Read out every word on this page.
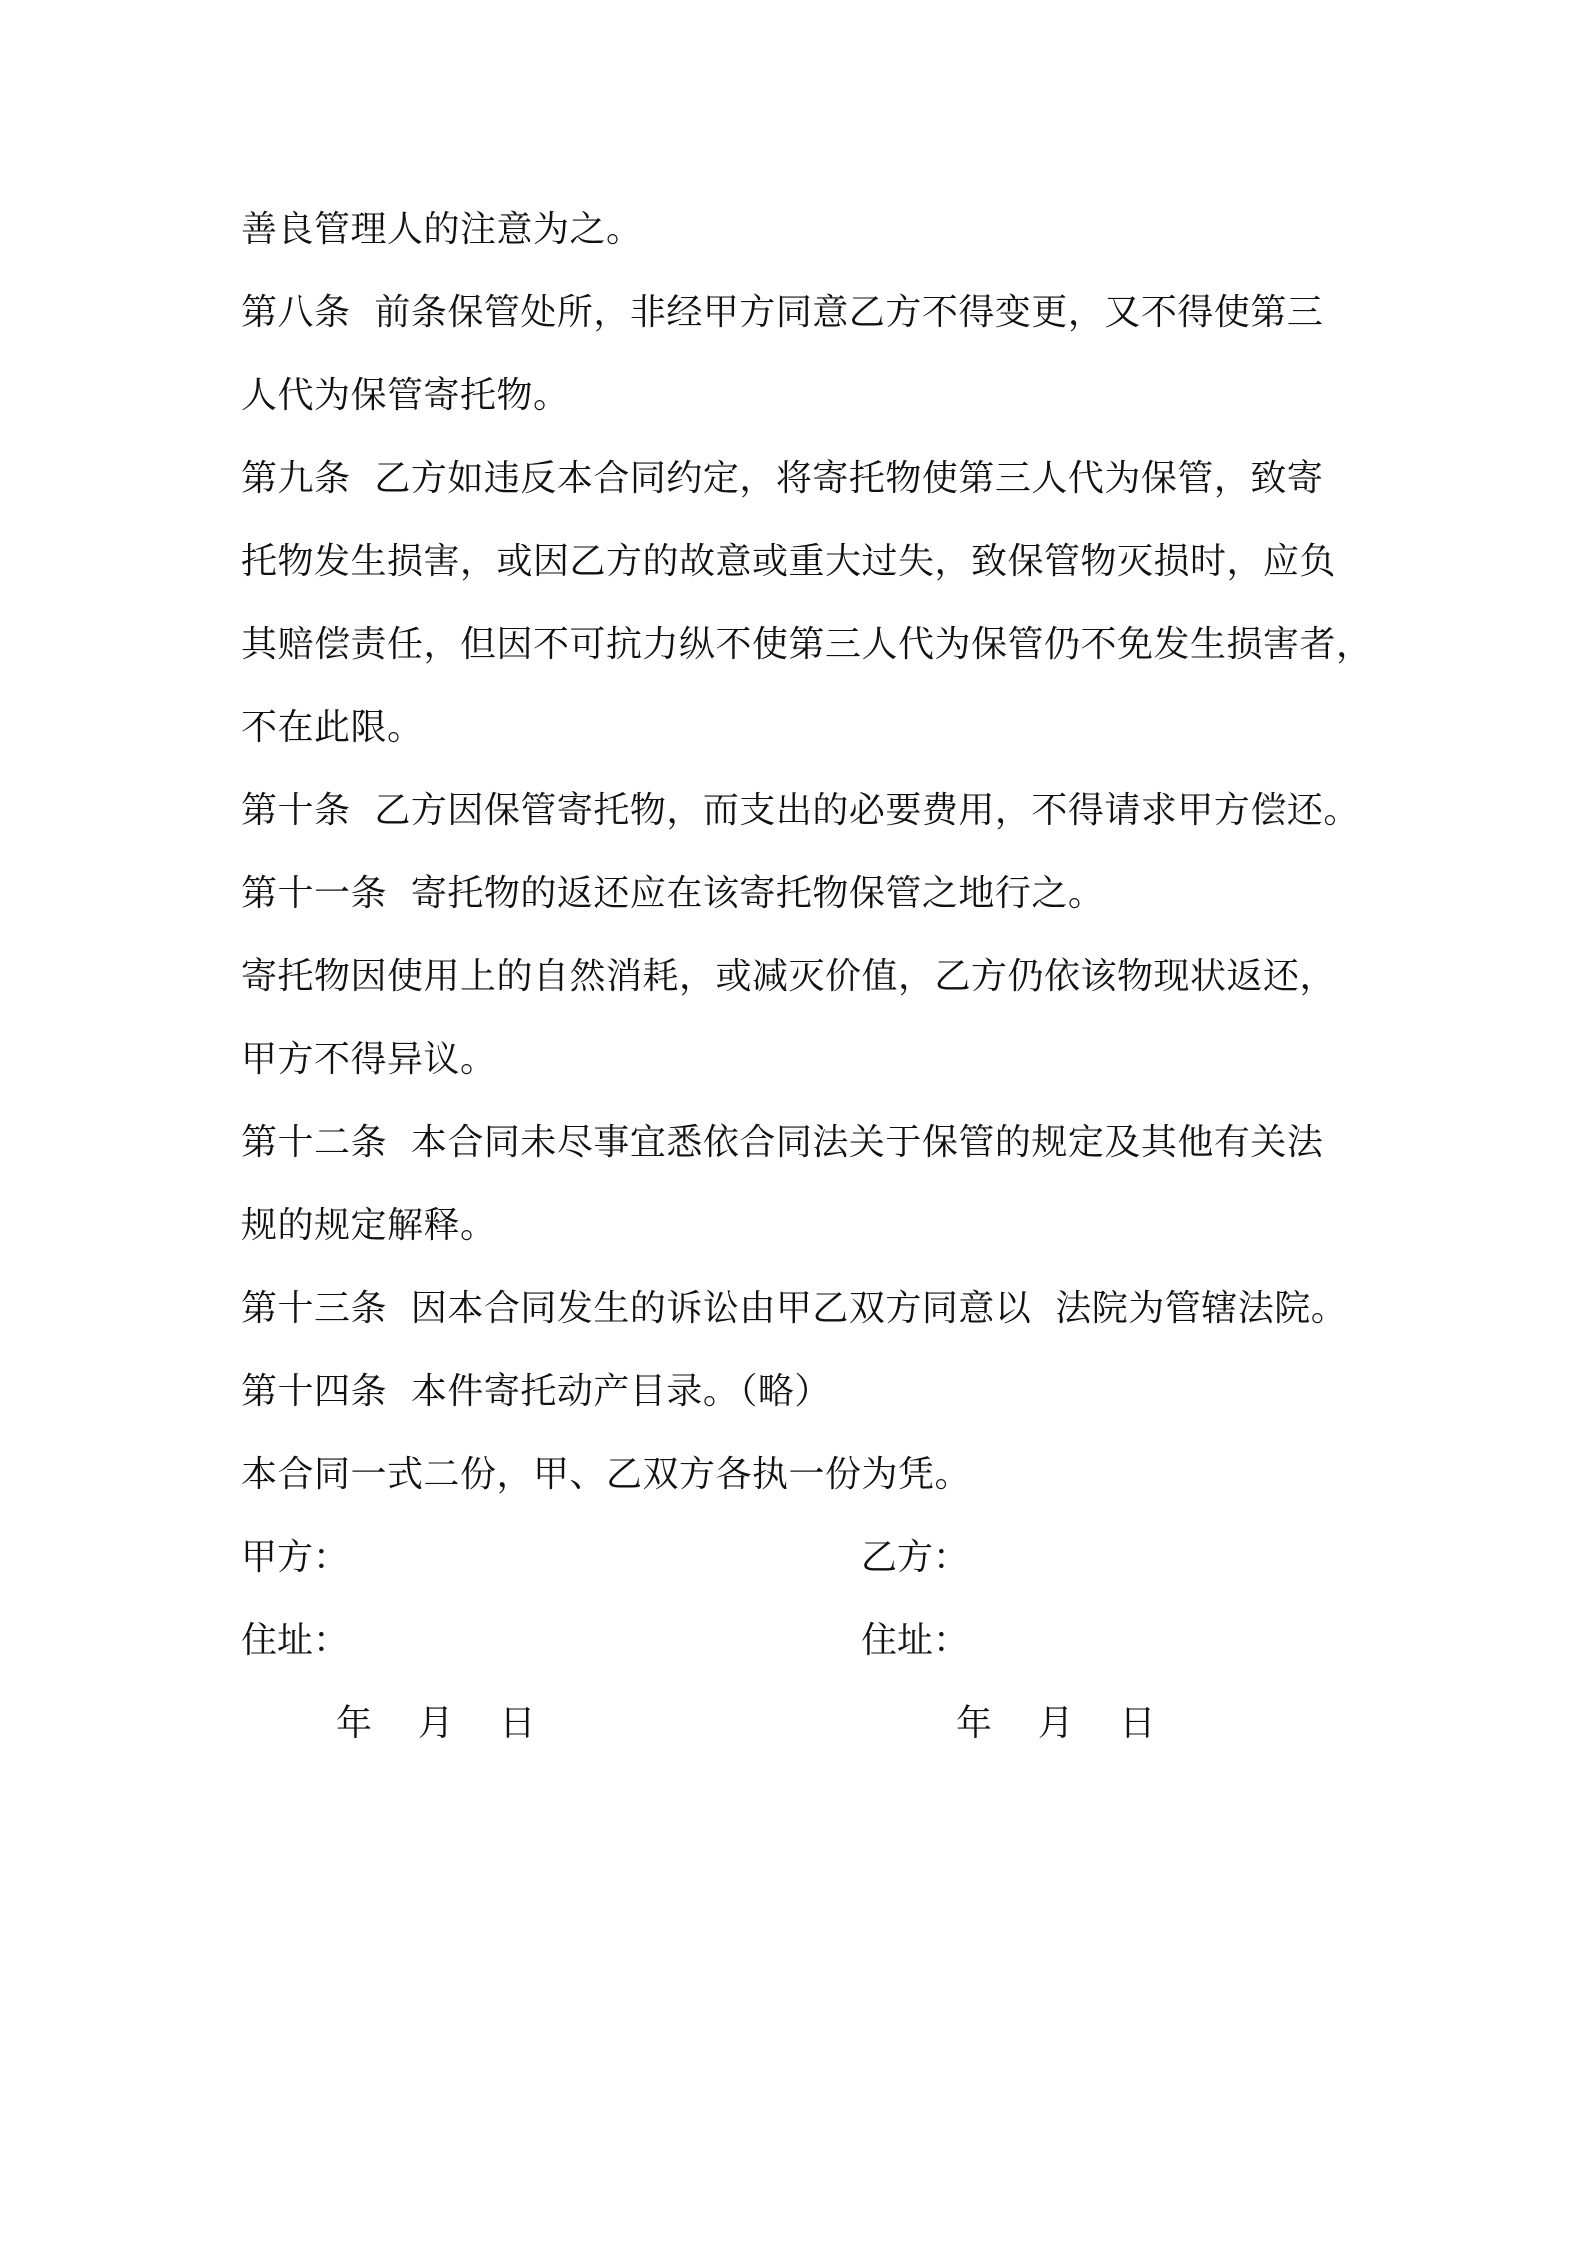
善良管理人的注意为之。
第八条  前条保管处所，非经甲方同意乙方不得变更，又不得使第三
人代为保管寄托物。
第九条  乙方如违反本合同约定，将寄托物使第三人代为保管，致寄
托物发生损害，或因乙方的故意或重大过失，致保管物灭损时，应负
其赔偿责任，但因不可抗力纵不使第三人代为保管仍不免发生损害者，
不在此限。
第十条  乙方因保管寄托物，而支出的必要费用，不得请求甲方偿还。
第十一条  寄托物的返还应在该寄托物保管之地行之。
寄托物因使用上的自然消耗，或减灭价值，乙方仍依该物现状返还，
甲方不得异议。
第十二条  本合同未尽事宜悉依合同法关于保管的规定及其他有关法
规的规定解释。
第十三条  因本合同发生的诉讼由甲乙双方同意以  法院为管辖法院。
第十四条  本件寄托动产目录。（略）
本合同一式二份，甲、乙双方各执一份为凭。
甲方：	乙方：
住址：	住址：
年    月    日	年    月    日
